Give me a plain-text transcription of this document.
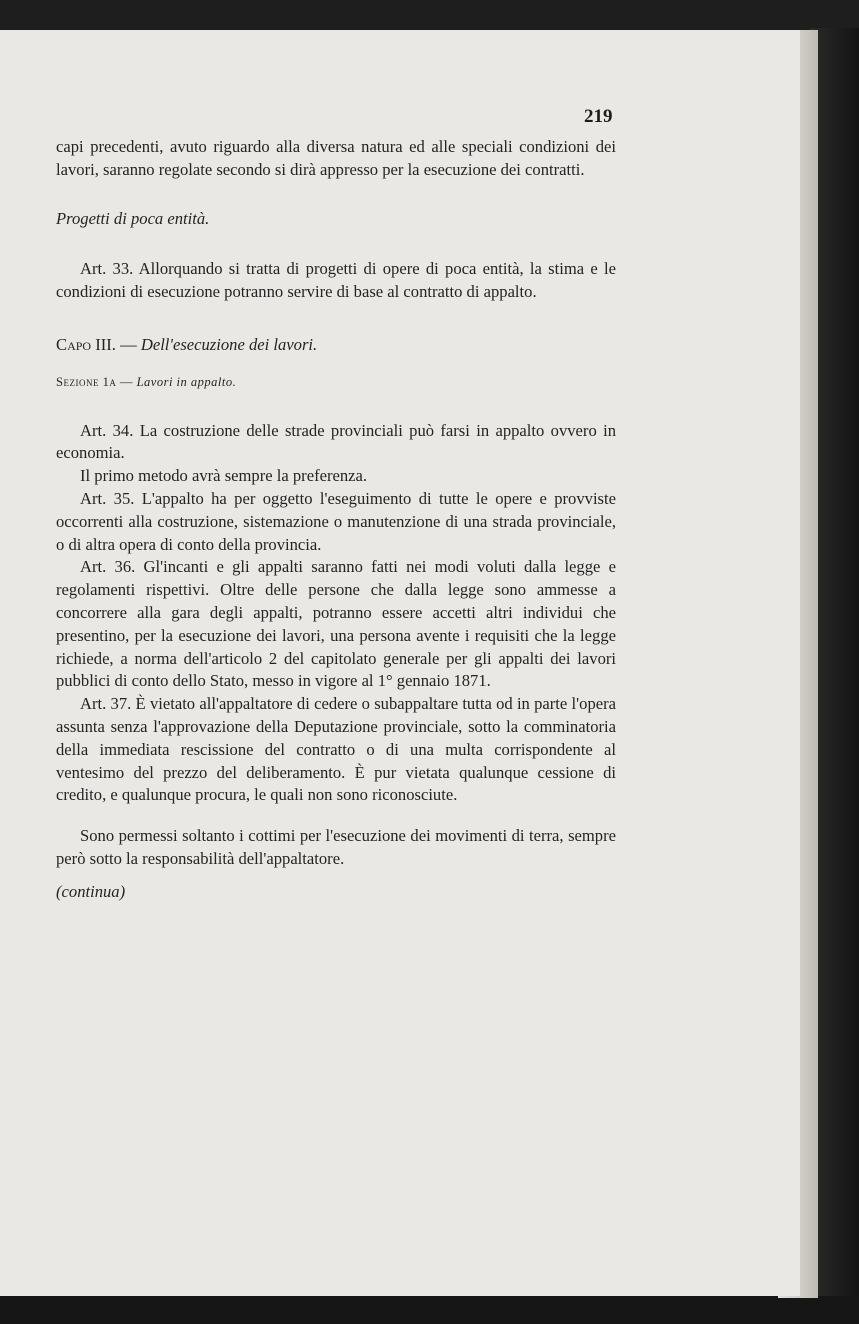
219

capi precedenti, avuto riguardo alla diversa natura ed alle speciali condizioni dei lavori, saranno regolate secondo si dirà appresso per la esecuzione dei contratti.

Progetti di poca entità.

Art. 33. Allorquando si tratta di progetti di opere di poca entità, la stima e le condizioni di esecuzione potranno servire di base al contratto di appalto.

Capo III. — Dell'esecuzione dei lavori.

Sezione 1a — Lavori in appalto.

Art. 34. La costruzione delle strade provinciali può farsi in appalto ovvero in economia.

Il primo metodo avrà sempre la preferenza.

Art. 35. L'appalto ha per oggetto l'eseguimento di tutte le opere e provviste occorrenti alla costruzione, sistemazione o manutenzione di una strada provinciale, o di altra opera di conto della provincia.

Art. 36. Gl'incanti e gli appalti saranno fatti nei modi voluti dalla legge e regolamenti rispettivi. Oltre delle persone che dalla legge sono ammesse a concorrere alla gara degli appalti, potranno essere accetti altri individui che presentino, per la esecuzione dei lavori, una persona avente i requisiti che la legge richiede, a norma dell'articolo 2 del capitolato generale per gli appalti dei lavori pubblici di conto dello Stato, messo in vigore al 1° gennaio 1871.

Art. 37. È vietato all'appaltatore di cedere o subappaltare tutta od in parte l'opera assunta senza l'approvazione della Deputazione provinciale, sotto la comminatoria della immediata rescissione del contratto o di una multa corrispondente al ventesimo del prezzo del deliberamento. È pur vietata qualunque cessione di credito, e qualunque procura, le quali non sono riconosciute.

Sono permessi soltanto i cottimi per l'esecuzione dei movimenti di terra, sempre però sotto la responsabilità dell'appaltatore.

(continua)
